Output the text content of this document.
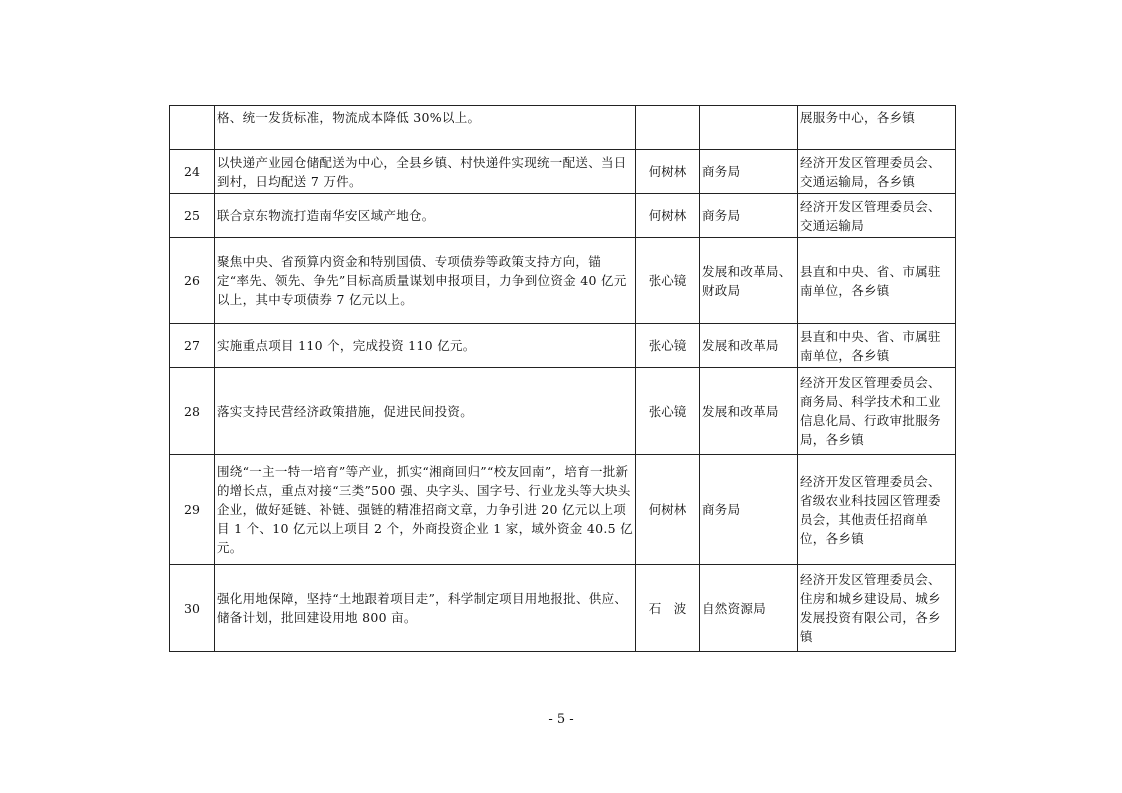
	格、统一发货标准，物流成本降低 30%以上。			展服务中心，各乡镇
24	以快递产业园仓储配送为中心，全县乡镇、村快递件实现统一配送、当日到村，日均配送 7 万件。	何树林	商务局	经济开发区管理委员会、交通运输局，各乡镇
25	联合京东物流打造南华安区域产地仓。	何树林	商务局	经济开发区管理委员会、交通运输局
26	聚焦中央、省预算内资金和特别国债、专项债券等政策支持方向，锚定“率先、领先、争先”目标高质量谋划申报项目，力争到位资金 40 亿元以上，其中专项债券 7 亿元以上。	张心镜	发展和改革局、财政局	县直和中央、省、市属驻南单位，各乡镇
27	实施重点项目 110 个，完成投资 110 亿元。	张心镜	发展和改革局	县直和中央、省、市属驻南单位，各乡镇
28	落实支持民营经济政策措施，促进民间投资。	张心镜	发展和改革局	经济开发区管理委员会、商务局、科学技术和工业信息化局、行政审批服务局，各乡镇
29	围绕“一主一特一培育”等产业，抓实“湘商回归”“校友回南”，培育一批新的增长点，重点对接“三类”500 强、央字头、国字号、行业龙头等大块头企业，做好延链、补链、强链的精准招商文章，力争引进 20 亿元以上项目 1 个、10 亿元以上项目 2 个，外商投资企业 1 家，域外资金 40.5 亿元。	何树林	商务局	经济开发区管理委员会、省级农业科技园区管理委员会，其他责任招商单位，各乡镇
30	强化用地保障，坚持“土地跟着项目走”，科学制定项目用地报批、供应、储备计划，批回建设用地 800 亩。	石　波	自然资源局	经济开发区管理委员会、住房和城乡建设局、城乡发展投资有限公司，各乡镇
- 5 -
